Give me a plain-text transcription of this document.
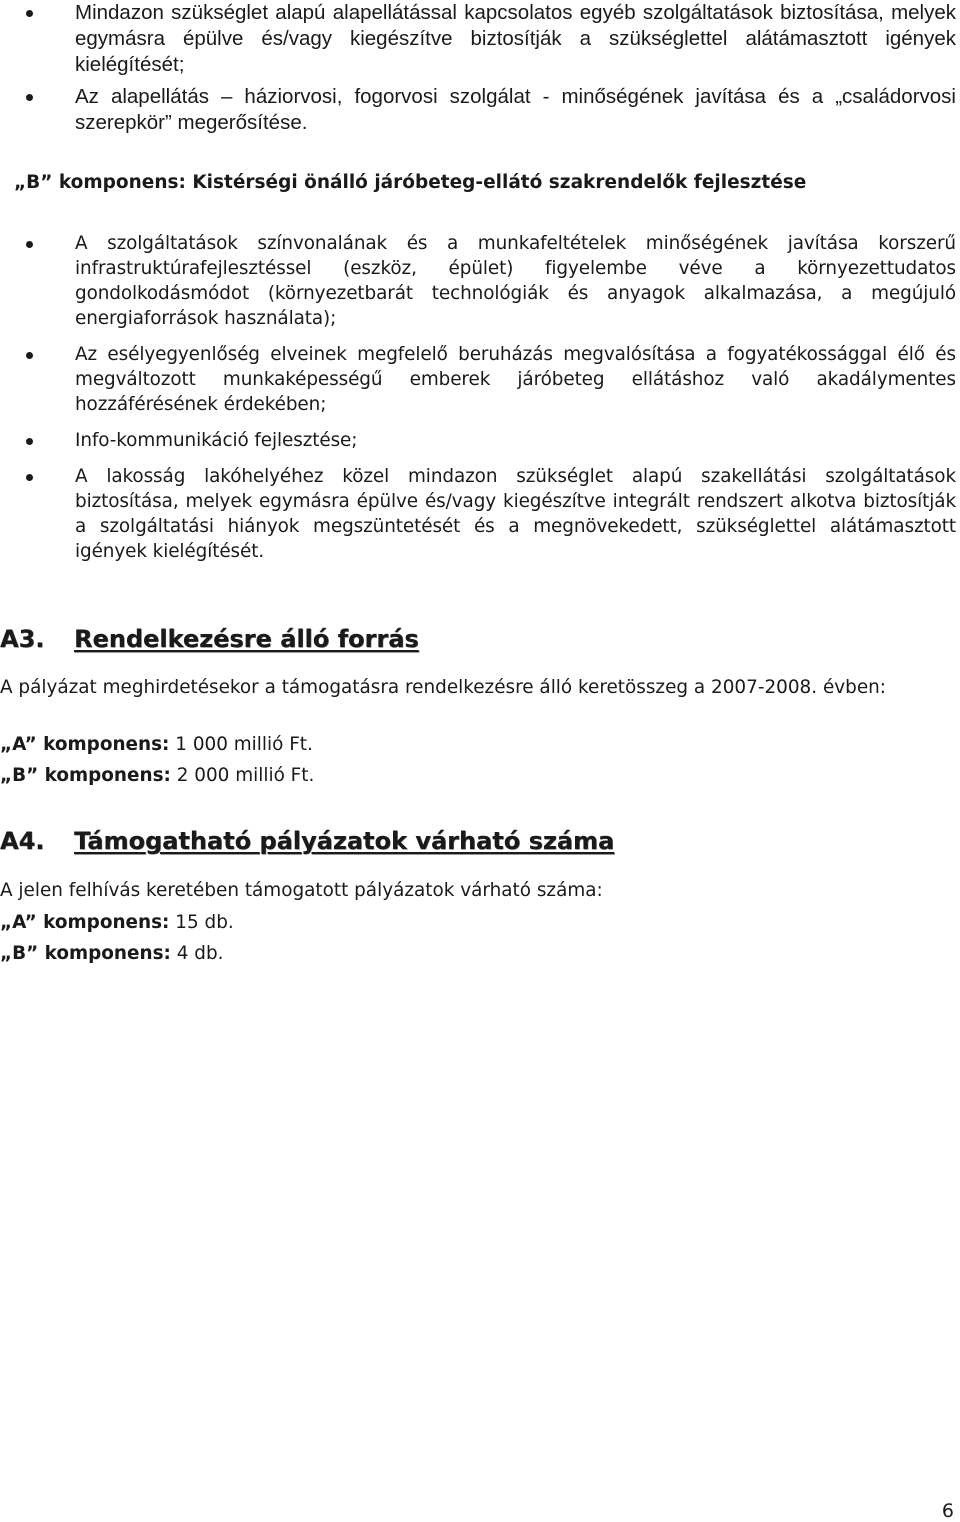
Mindazon szükséglet alapú alapellátással kapcsolatos egyéb szolgáltatások biztosítása, melyek egymásra épülve és/vagy kiegészítve biztosítják a szükséglettel alátámasztott igények kielégítését;
Az alapellátás – háziorvosi, fogorvosi szolgálat - minőségének javítása és a „családorvosi szerepkör” megerősítése.
„B” komponens: Kistérségi önálló járóbeteg-ellátó szakrendelők fejlesztése
A szolgáltatások színvonalának és a munkafeltételek minőségének javítása korszerű infrastruktúrafejlesztéssel (eszköz, épület) figyelembe véve a környezettudatos gondolkodásmódot (környezetbarát technológiák és anyagok alkalmazása, a megújuló energiaforrások használata);
Az esélyegyenlőség elveinek megfelelő beruházás megvalósítása a fogyatékossággal élő és megváltozott munkaképességű emberek járóbeteg ellátáshoz való akadálymentes hozzáférésének érdekében;
Info-kommunikáció fejlesztése;
A lakosság lakóhelyéhez közel mindazon szükséglet alapú szakellátási szolgáltatások biztosítása, melyek egymásra épülve és/vagy kiegészítve integrált rendszert alkotva biztosítják a szolgáltatási hiányok megszüntetését és a megnövekedett, szükséglettel alátámasztott igények kielégítését.
A3. Rendelkezésre álló forrás
A pályázat meghirdetésekor a támogatásra rendelkezésre álló keretösszeg a 2007-2008. évben:
„A” komponens: 1 000 millió Ft.
„B” komponens: 2 000 millió Ft.
A4. Támogatható pályázatok várható száma
A jelen felhívás keretében támogatott pályázatok várható száma:
„A” komponens: 15 db.
„B” komponens: 4 db.
6
